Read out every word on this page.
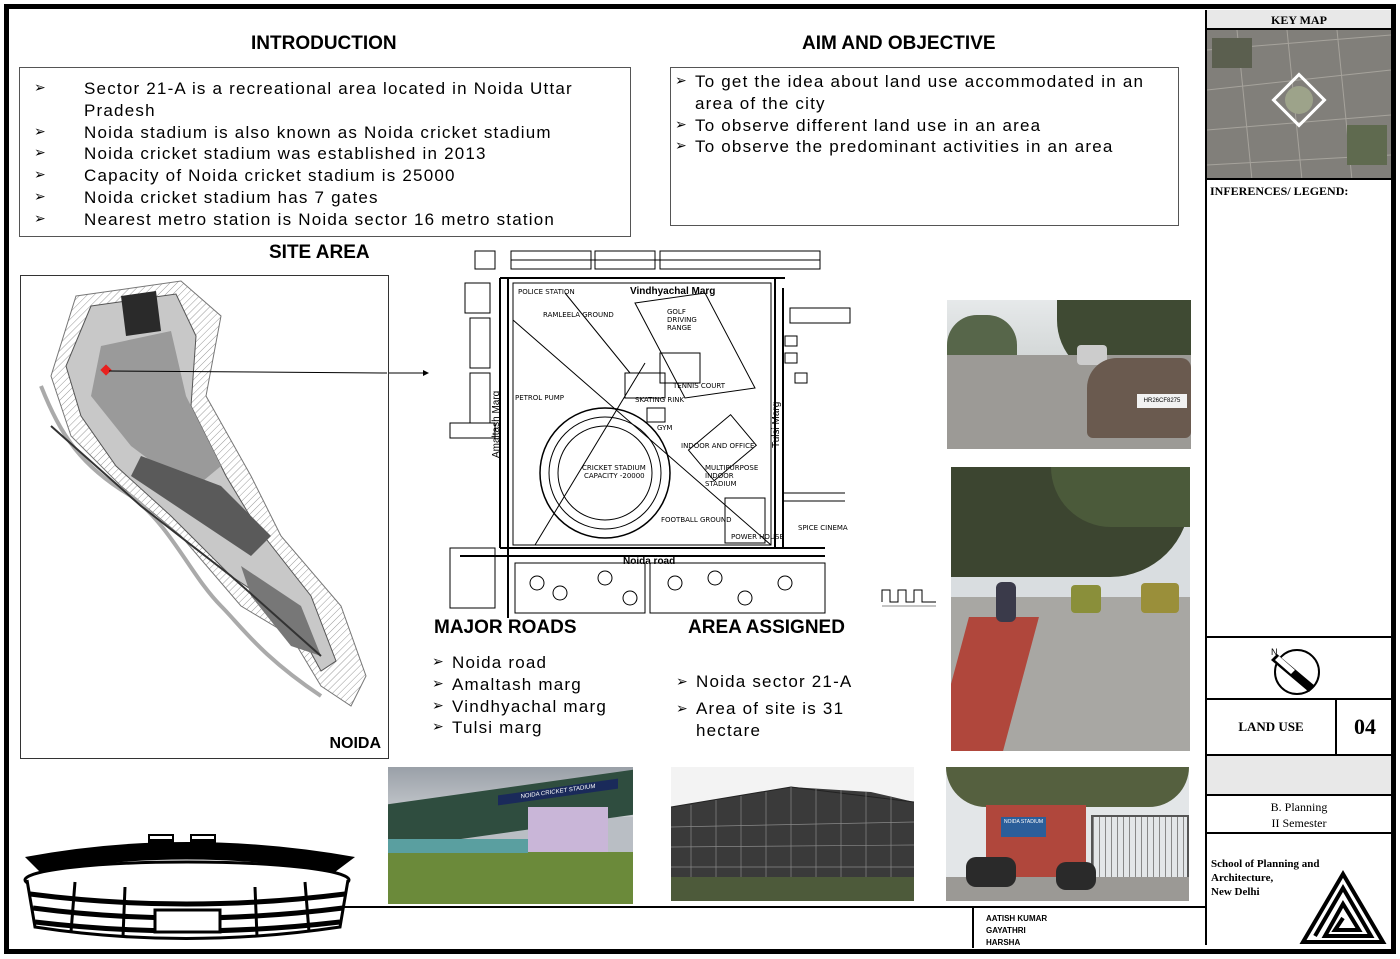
INTRODUCTION
➢ Sector 21-A is a recreational area located in Noida Uttar Pradesh
➢ Noida stadium is also known as Noida cricket stadium
➢ Noida cricket stadium was established in 2013
➢ Capacity of Noida cricket stadium is 25000
➢ Noida cricket stadium has 7 gates
➢ Nearest metro station is Noida sector 16 metro station
AIM AND OBJECTIVE
➢ To get the idea about land use accommodated in an area of the city
➢ To observe different land use in an area
➢ To observe the predominant activities in an area
SITE AREA
NOIDA
Vindhyachal Marg
Noida road
Amaltash Marg	Tulsi Marg
POLICE STATION
RAMLEELA GROUND	GOLF DRIVING RANGE
TENNIS COURT
SKATING RINK
PETROL PUMP
GYM
INDOOR AND OFFICE
CRICKET STADIUM
CAPACITY -20000
MULTIPURPOSE INDOOR STADIUM
FOOTBALL GROUND
POWER HOUSE
SPICE CINEMA
MAJOR ROADS
➢ Noida road
➢ Amaltash marg
➢ Vindhyachal marg
➢ Tulsi marg
AREA ASSIGNED
➢ Noida sector 21-A
➢ Area of site is 31 hectare
HR26CF8275
NOIDA CRICKET STADIUM
NOIDA STADIUM
AATISH KUMAR
GAYATHRI
HARSHA
KEY MAP
INFERENCES/ LEGEND:
N
LAND USE	04
B. Planning
II Semester
School of Planning and
Architecture,
New Delhi
